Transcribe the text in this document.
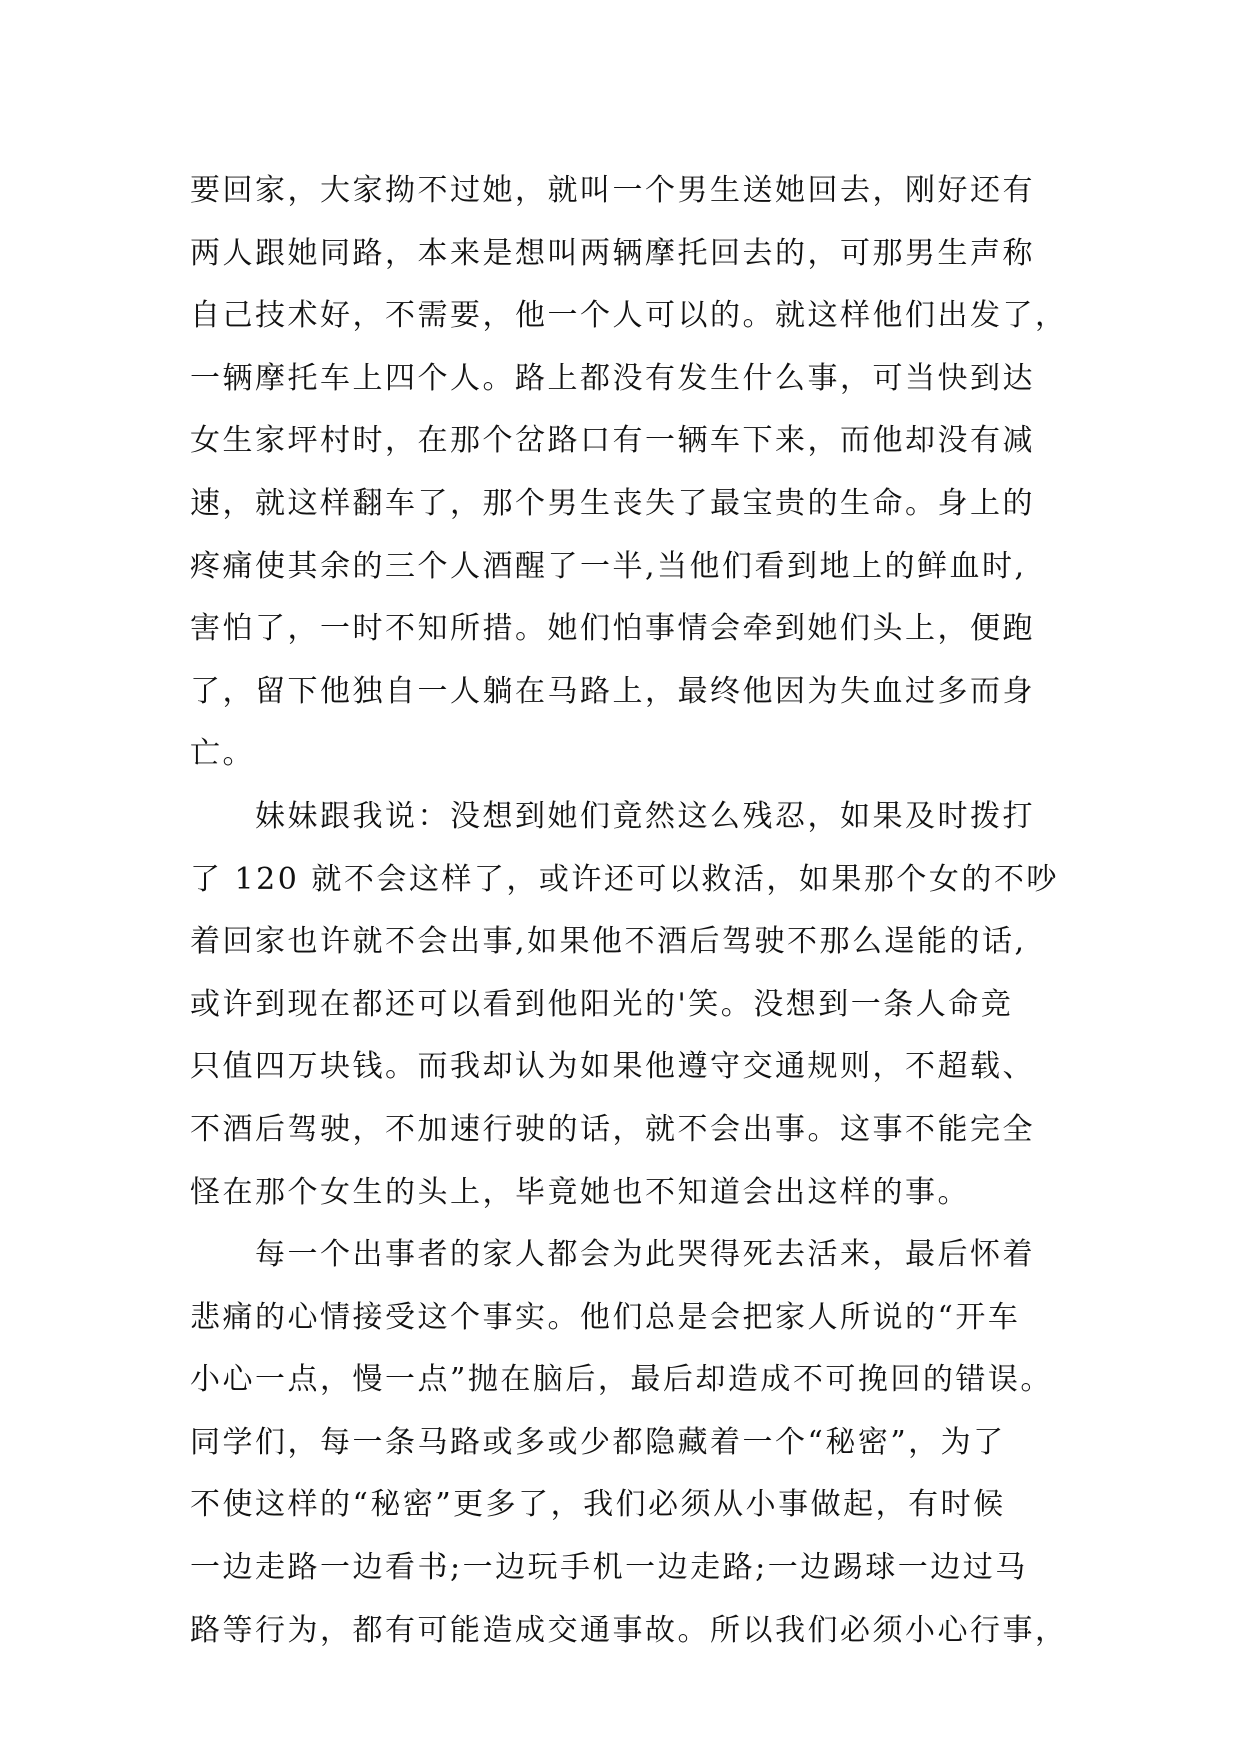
要回家，大家拗不过她，就叫一个男生送她回去，刚好还有
两人跟她同路，本来是想叫两辆摩托回去的，可那男生声称
自己技术好，不需要，他一个人可以的。就这样他们出发了，
一辆摩托车上四个人。路上都没有发生什么事，可当快到达
女生家坪村时，在那个岔路口有一辆车下来，而他却没有减
速，就这样翻车了，那个男生丧失了最宝贵的生命。身上的
疼痛使其余的三个人酒醒了一半,当他们看到地上的鲜血时,
害怕了，一时不知所措。她们怕事情会牵到她们头上，便跑
了，留下他独自一人躺在马路上，最终他因为失血过多而身
亡。
　　妹妹跟我说：没想到她们竟然这么残忍，如果及时拨打
了 120 就不会这样了，或许还可以救活，如果那个女的不吵
着回家也许就不会出事,如果他不酒后驾驶不那么逞能的话,
或许到现在都还可以看到他阳光的'笑。没想到一条人命竞
只值四万块钱。而我却认为如果他遵守交通规则，不超载、
不酒后驾驶，不加速行驶的话，就不会出事。这事不能完全
怪在那个女生的头上，毕竟她也不知道会出这样的事。
　　每一个出事者的家人都会为此哭得死去活来，最后怀着
悲痛的心情接受这个事实。他们总是会把家人所说的“开车
小心一点，慢一点”抛在脑后，最后却造成不可挽回的错误。
同学们，每一条马路或多或少都隐藏着一个“秘密”，为了
不使这样的“秘密”更多了，我们必须从小事做起，有时候
一边走路一边看书;一边玩手机一边走路;一边踢球一边过马
路等行为，都有可能造成交通事故。所以我们必须小心行事，
